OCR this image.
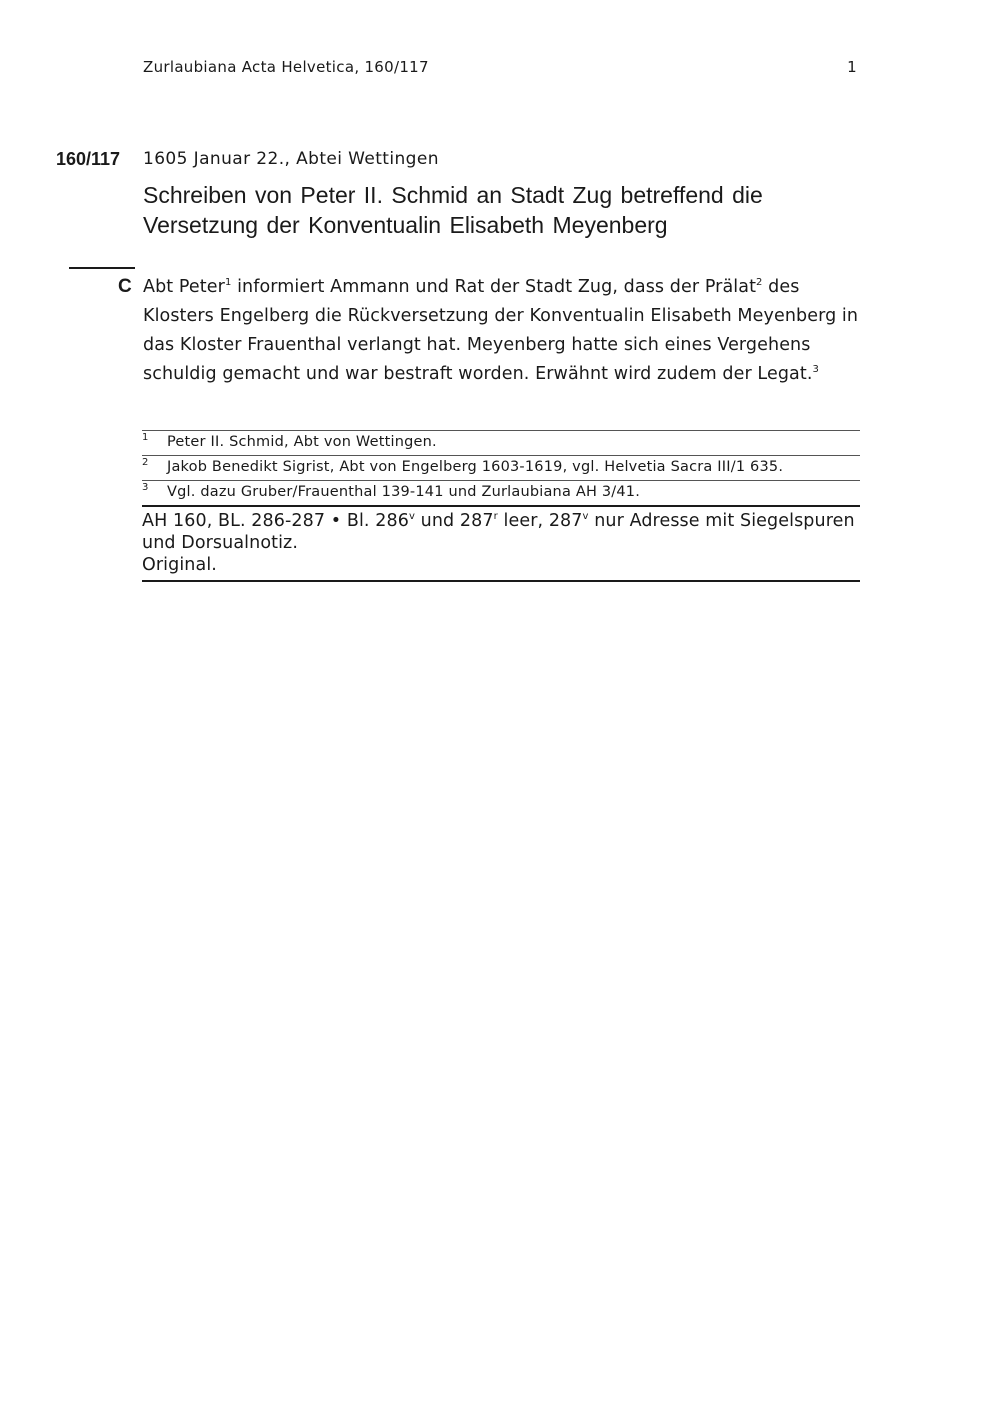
Zurlaubiana Acta Helvetica, 160/117	1
160/117 1605 Januar 22., Abtei Wettingen
Schreiben von Peter II. Schmid an Stadt Zug betreffend die
Versetzung der Konventualin Elisabeth Meyenberg
C Abt Peter$^1$ informiert Ammann und Rat der Stadt Zug, dass der Prälat$^2$ des Klosters Engelberg die Rückversetzung der Konventualin Elisabeth Meyenberg in das Kloster Frauenthal verlangt hat. Meyenberg hatte sich eines Vergehens schuldig gemacht und war bestraft worden. Erwähnt wird zudem der Legat.$^3$
1 Peter II. Schmid, Abt von Wettingen.
2 Jakob Benedikt Sigrist, Abt von Engelberg 1603-1619, vgl. Helvetia Sacra III/1 635.
3 Vgl. dazu Gruber/Frauenthal 139-141 und Zurlaubiana AH 3/41.
AH 160, BL. 286-287 • Bl. 286$^v$ und 287$^r$ leer, 287$^v$ nur Adresse mit Siegelspuren und Dorsualnotiz.
Original.
